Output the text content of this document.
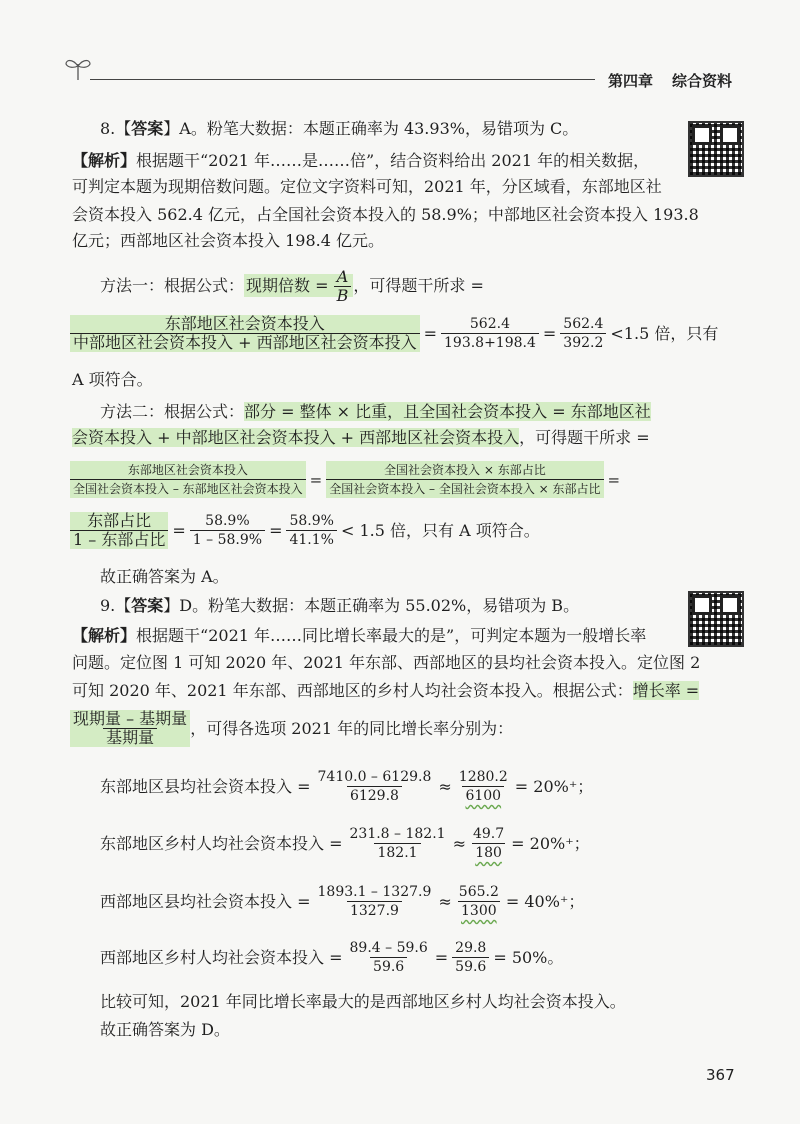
第四章 综合资料
8.【答案】A。粉笔大数据：本题正确率为 43.93%，易错项为 C。
【解析】根据题干“2021 年……是……倍”，结合资料给出 2021 年的相关数据，
可判定本题为现期倍数问题。定位文字资料可知，2021 年，分区域看，东部地区社
会资本投入 562.4 亿元，占全国社会资本投入的 58.9%；中部地区社会资本投入 193.8
亿元；西部地区社会资本投入 198.4 亿元。
方法一：根据公式： 现期倍数 = $\frac{A}{B}$ ，可得题干所求 =
$\frac{\text{东部地区社会资本投入}}{\text{中部地区社会资本投入 + 西部地区社会资本投入}} = \frac{562.4}{193.8+198.4} = \frac{562.4}{392.2} <1.5$ 倍，只有
A 项符合。
方法二：根据公式：部分 = 整体 × 比重，且全国社会资本投入 = 东部地区社
会资本投入 + 中部地区社会资本投入 + 西部地区社会资本投入，可得题干所求 =
$\frac{\text{东部地区社会资本投入}}{\text{全国社会资本投入 – 东部地区社会资本投入}} = \frac{\text{全国社会资本投入 × 东部占比}}{\text{全国社会资本投入 – 全国社会资本投入 × 东部占比}}$ =
$\frac{\text{东部占比}}{\text{1 – 东部占比}} = \frac{58.9\%}{1 - 58.9\%} = \frac{58.9\%}{41.1\%} < 1.5$ 倍，只有 A 项符合。
故正确答案为 A。
9.【答案】D。粉笔大数据：本题正确率为 55.02%，易错项为 B。
【解析】根据题干“2021 年……同比增长率最大的是”，可判定本题为一般增长率
问题。定位图 1 可知 2020 年、2021 年东部、西部地区的县均社会资本投入。定位图 2
可知 2020 年、2021 年东部、西部地区的乡村人均社会资本投入。根据公式：增长率 =
$\frac{\text{现期量 – 基期量}}{\text{基期量}}$ ，可得各选项 2021 年的同比增长率分别为：
东部地区县均社会资本投入 = $\frac{7410.0 - 6129.8}{6129.8} \approx \frac{1280.2}{6100} = 20\%^+$；
东部地区乡村人均社会资本投入 = $\frac{231.8 - 182.1}{182.1} \approx \frac{49.7}{180} = 20\%^+$；
西部地区县均社会资本投入 = $\frac{1893.1 - 1327.9}{1327.9} \approx \frac{565.2}{1300} = 40\%^+$；
西部地区乡村人均社会资本投入 = $\frac{89.4 - 59.6}{59.6} = \frac{29.8}{59.6} = 50\%$。
比较可知，2021 年同比增长率最大的是西部地区乡村人均社会资本投入。
故正确答案为 D。
367
